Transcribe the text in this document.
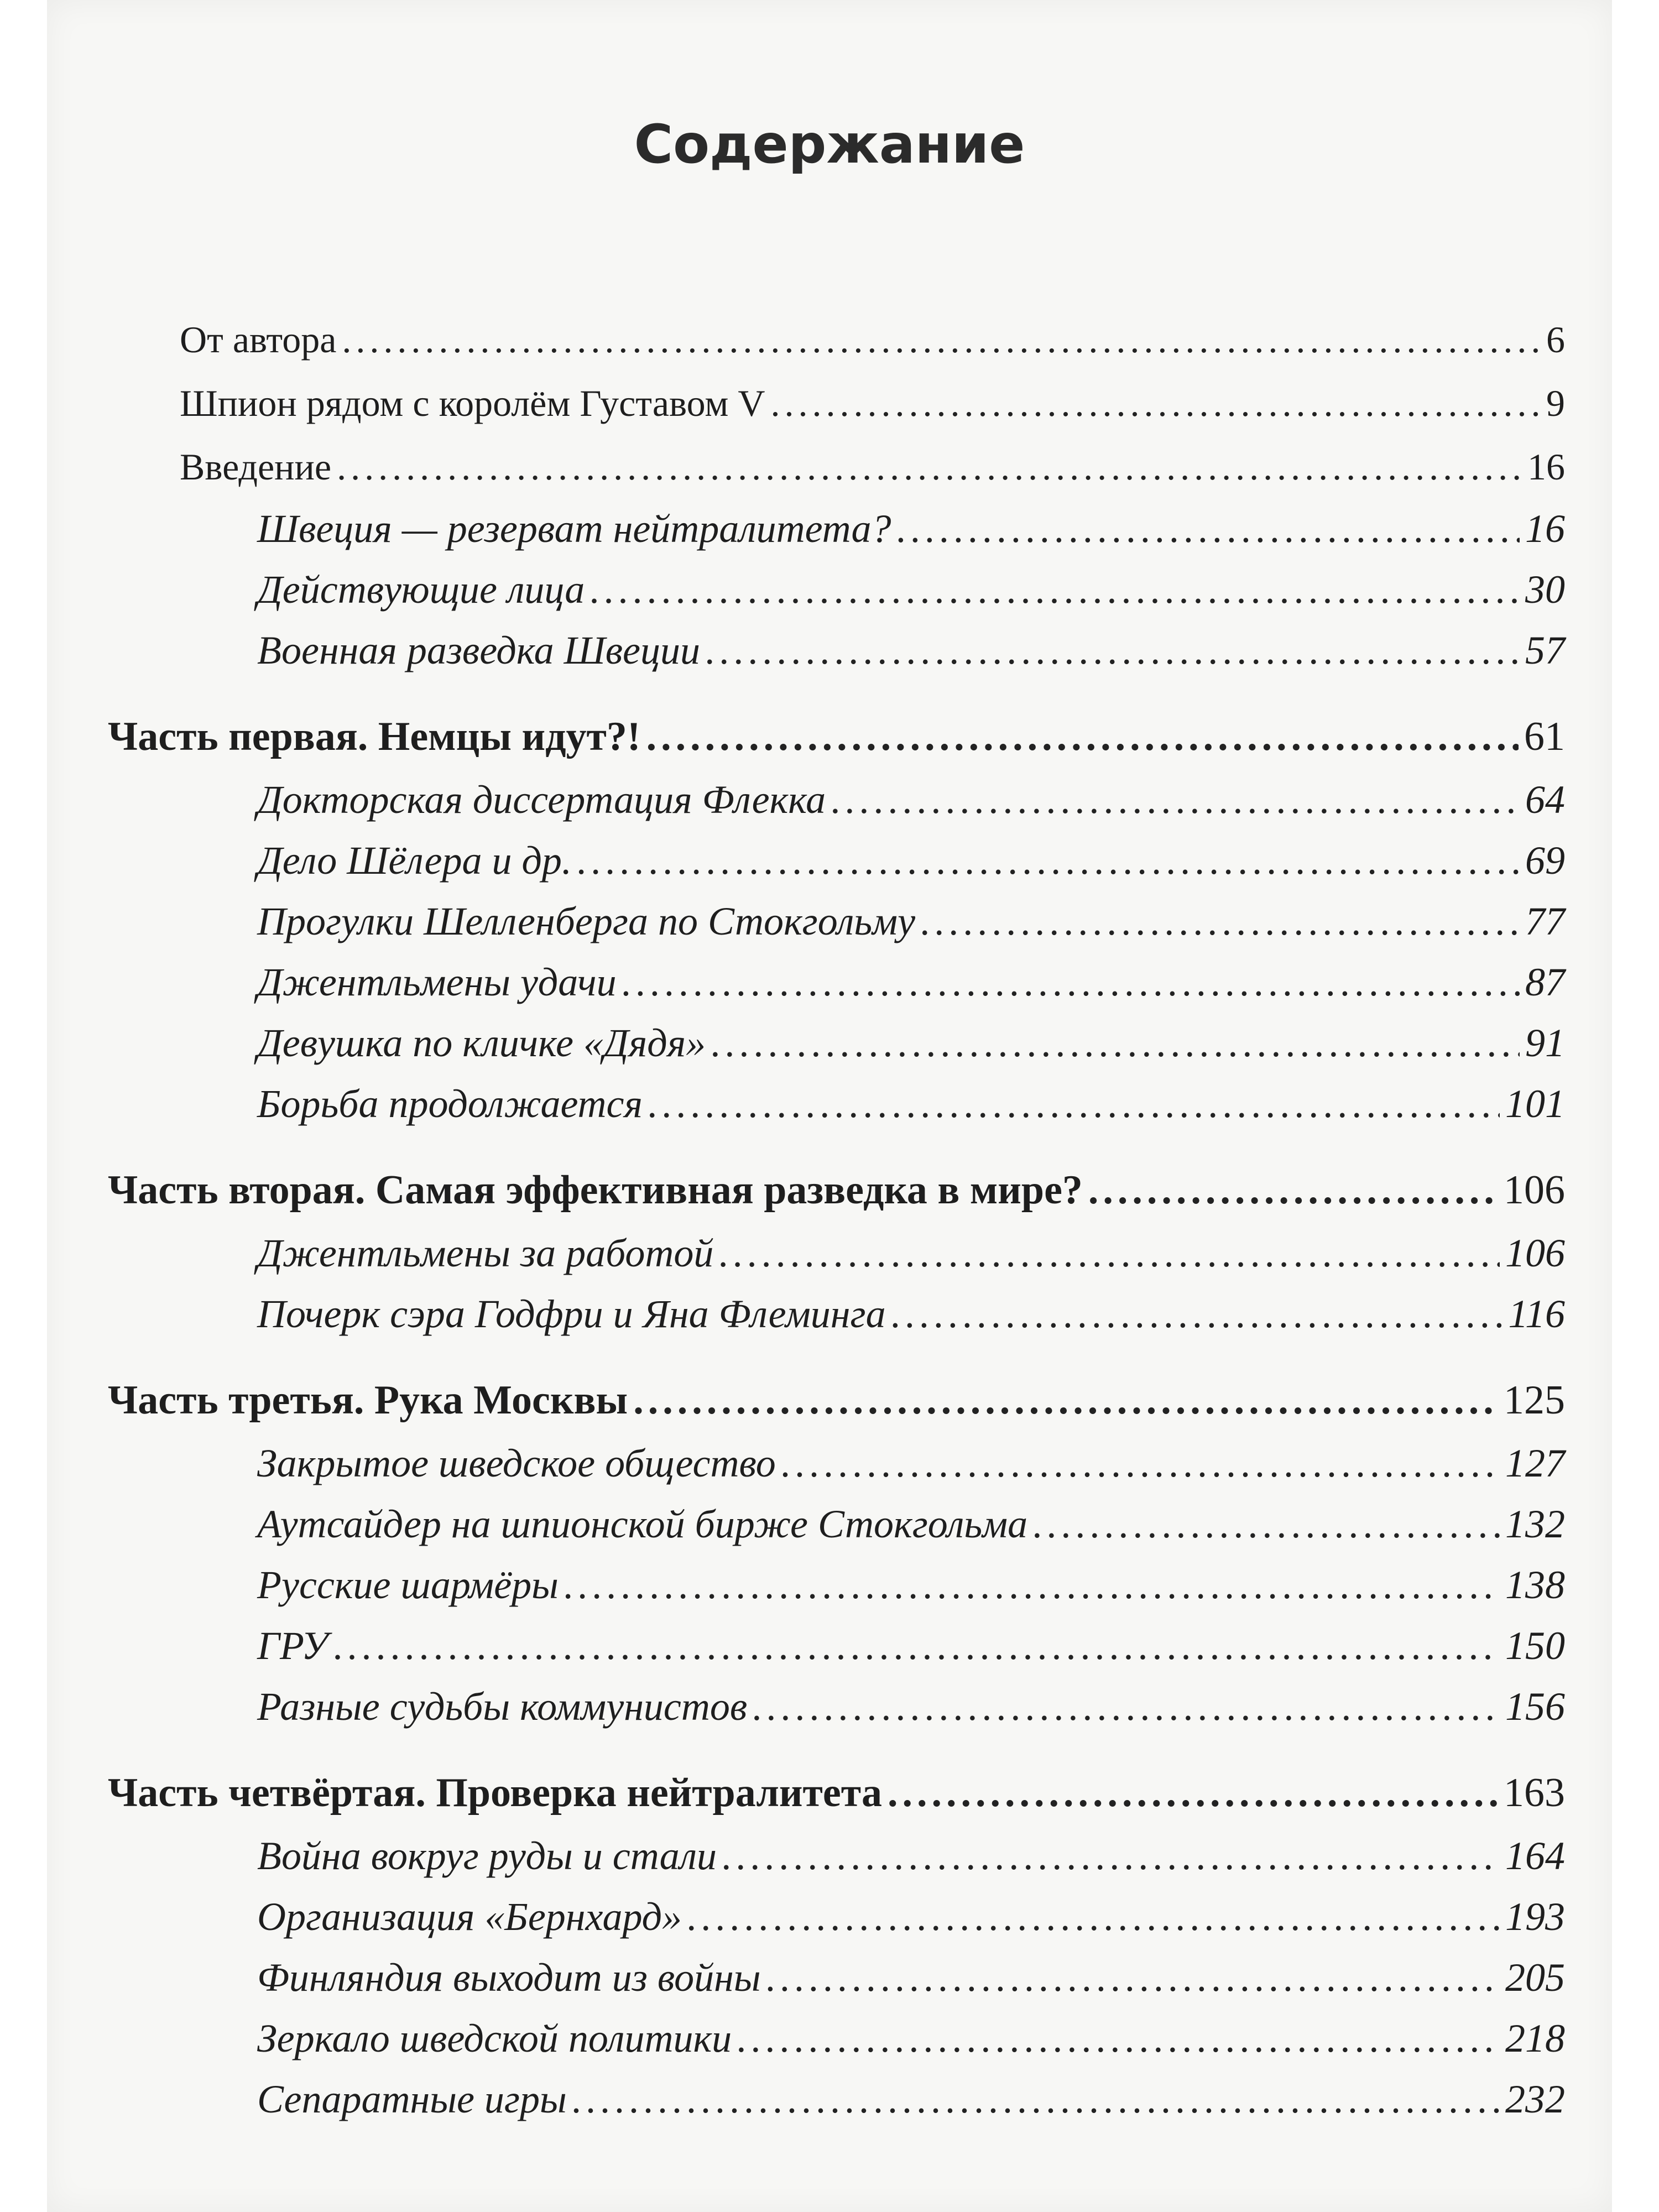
Содержание
От автора .....	6
Шпион рядом с королём Густавом V .....	9
Введение .....	16
Швеция — резерват нейтралитета? .....	16
Действующие лица .....	30
Военная разведка Швеции .....	57
Часть первая. Немцы идут?! .....	61
Докторская диссертация Флекка .....	64
Дело Шёлера и др. .....	69
Прогулки Шелленберга по Стокгольму .....	77
Джентльмены удачи .....	87
Девушка по кличке «Дядя» .....	91
Борьба продолжается .....	101
Часть вторая. Самая эффективная разведка в мире? .....	106
Джентльмены за работой .....	106
Почерк сэра Годфри и Яна Флеминга .....	116
Часть третья. Рука Москвы .....	125
Закрытое шведское общество .....	127
Аутсайдер на шпионской бирже Стокгольма .....	132
Русские шармёры .....	138
ГРУ .....	150
Разные судьбы коммунистов .....	156
Часть четвёртая. Проверка нейтралитета .....	163
Война вокруг руды и стали .....	164
Организация «Бернхард» .....	193
Финляндия выходит из войны .....	205
Зеркало шведской политики .....	218
Сепаратные игры .....	232
